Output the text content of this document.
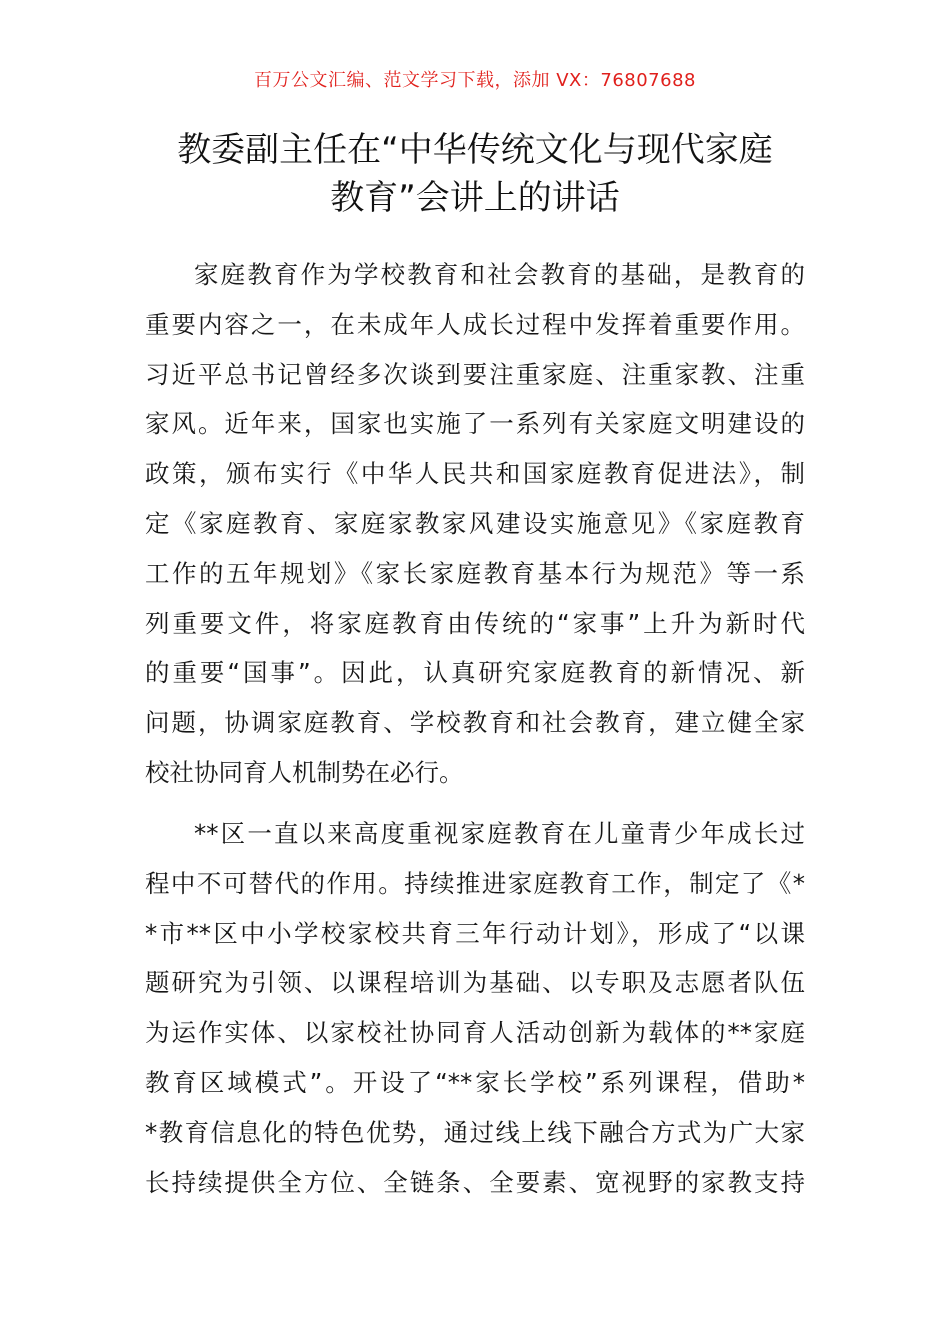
百万公文汇编、范文学习下载，添加 VX：76807688
教委副主任在“中华传统文化与现代家庭
教育”会讲上的讲话
家庭教育作为学校教育和社会教育的基础，是教育的
重要内容之一，在未成年人成长过程中发挥着重要作用。
习近平总书记曾经多次谈到要注重家庭、注重家教、注重
家风。近年来，国家也实施了一系列有关家庭文明建设的
政策，颁布实行《中华人民共和国家庭教育促进法》，制
定《家庭教育、家庭家教家风建设实施意见》《家庭教育
工作的五年规划》《家长家庭教育基本行为规范》等一系
列重要文件，将家庭教育由传统的“家事”上升为新时代
的重要“国事”。因此，认真研究家庭教育的新情况、新
问题，协调家庭教育、学校教育和社会教育，建立健全家
校社协同育人机制势在必行。
**区一直以来高度重视家庭教育在儿童青少年成长过
程中不可替代的作用。持续推进家庭教育工作，制定了《*
*市**区中小学校家校共育三年行动计划》，形成了“以课
题研究为引领、以课程培训为基础、以专职及志愿者队伍
为运作实体、以家校社协同育人活动创新为载体的**家庭
教育区域模式”。开设了“**家长学校”系列课程，借助*
*教育信息化的特色优势，通过线上线下融合方式为广大家
长持续提供全方位、全链条、全要素、宽视野的家教支持
